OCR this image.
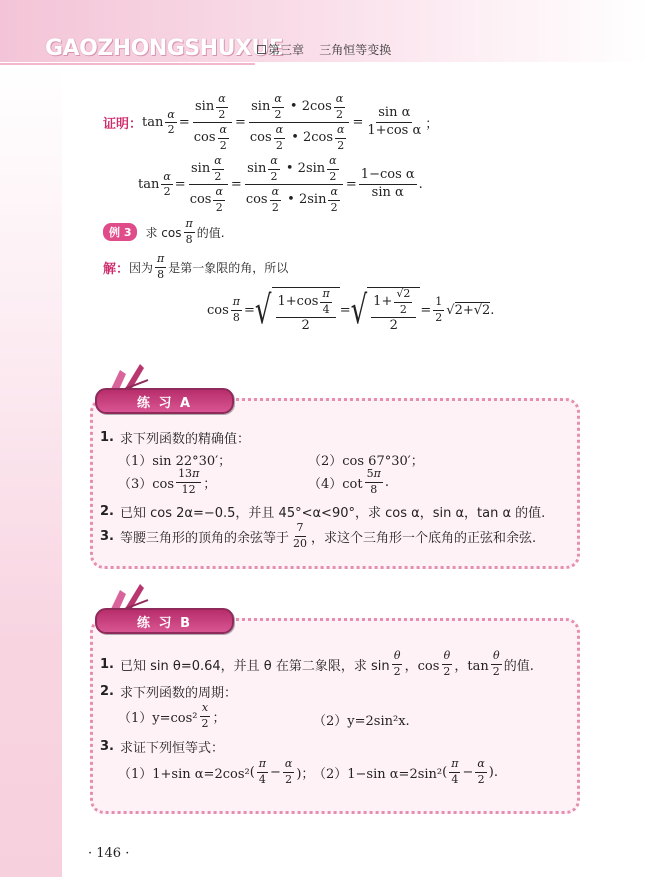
GAOZHONGSHUXUE
第三章    三角恒等变换
证明： $\tan \frac{\alpha}{2} = \frac{\sin \frac{\alpha}{2}}{\cos \frac{\alpha}{2}} = \frac{\sin \frac{\alpha}{2} • 2\cos \frac{\alpha}{2}}{\cos \frac{\alpha}{2} • 2\cos \frac{\alpha}{2}} = \frac{\text{sin α}}{\text{1+cos α}}$ ；
$\tan \frac{\alpha}{2} = \frac{\sin \frac{\alpha}{2}}{\cos \frac{\alpha}{2}} = \frac{\sin \frac{\alpha}{2} • 2\sin \frac{\alpha}{2}}{\cos \frac{\alpha}{2} • 2\sin \frac{\alpha}{2}} = \frac{\text{1−cos α}}{\text{sin α}}$ .
例 3	求 $\cos \frac{\pi}{8}$ 的值.
解： 因为 $\frac{\pi}{8}$ 是第一象限的角，所以
$\cos \frac{\pi}{8}$ = √ $\frac{1+\cos \frac{\pi}{4}}{2}$ = √ $\frac{1+ \frac{√2}{2}}{2} = \frac{1}{2} √2+√2$ .
练 习 A
1. 求下列函数的精确值：
（1）sin 22°30′；	（2）cos 67°30′；
$(3)\cos \frac{13 \pi}{12}$ ；	$(4)\cot \frac{5 \pi}{8}$ .
2. 已知 cos 2α=−0.5，并且 45°<α<90°，求 cos α，sin α，tan α 的值.
3. 等腰三角形的顶角的余弦等于 $\frac{7}{20}$ ，求这个三角形一个底角的正弦和余弦.
练 习 B
1. 已知 sin θ=0.64，并且 θ 在第二象限，求 $\sin \frac{\theta}{2}$ ，$\cos \frac{\theta}{2}$ ，$\tan \frac{\theta}{2}$ 的值.
2. 求下列函数的周期：
$(1)y=\cos^2 \frac{x}{2}$ ；	（2）y=2sin²x.
3. 求证下列恒等式：
（1）1+sin α=2cos² ( $\frac{\pi}{4} - \frac{\alpha}{2}$ )；
（2）1−sin α=2sin² ( $\frac{\pi}{4} - \frac{\alpha}{2}$ ).
· 146 ·
